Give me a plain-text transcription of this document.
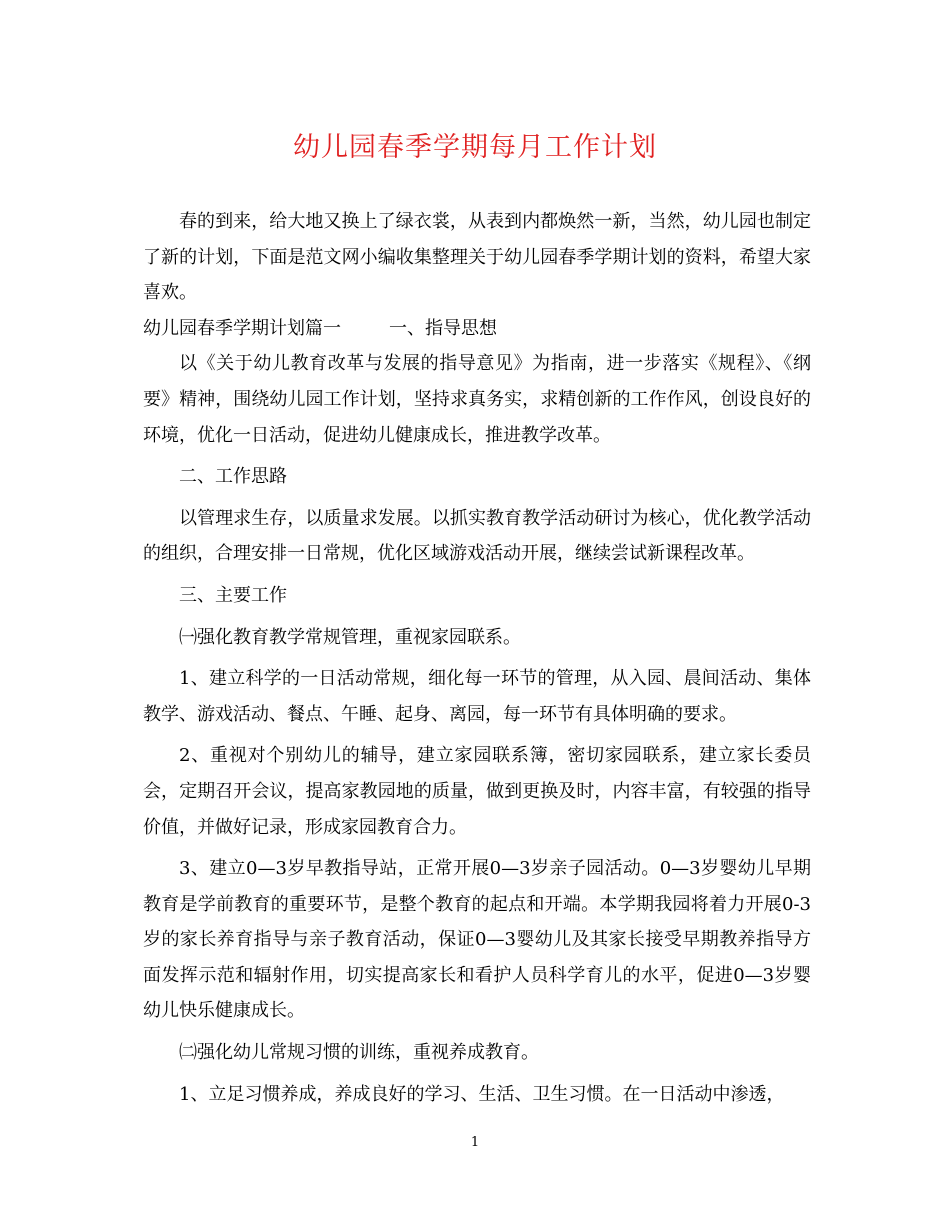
幼儿园春季学期每月工作计划

春的到来，给大地又换上了绿衣裳，从表到内都焕然一新，当然，幼儿园也制定了新的计划，下面是范文网小编收集整理关于幼儿园春季学期计划的资料，希望大家喜欢。

幼儿园春季学期计划篇一	一、指导思想

以《关于幼儿教育改革与发展的指导意见》为指南，进一步落实《规程》、《纲要》精神，围绕幼儿园工作计划，坚持求真务实，求精创新的工作作风，创设良好的环境，优化一日活动，促进幼儿健康成长，推进教学改革。

二、工作思路

以管理求生存，以质量求发展。以抓实教育教学活动研讨为核心，优化教学活动的组织，合理安排一日常规，优化区域游戏活动开展，继续尝试新课程改革。

三、主要工作

㈠强化教育教学常规管理，重视家园联系。

1、建立科学的一日活动常规，细化每一环节的管理，从入园、晨间活动、集体教学、游戏活动、餐点、午睡、起身、离园，每一环节有具体明确的要求。

2、重视对个别幼儿的辅导，建立家园联系簿，密切家园联系，建立家长委员会，定期召开会议，提高家教园地的质量，做到更换及时，内容丰富，有较强的指导价值，并做好记录，形成家园教育合力。

3、建立0—3岁早教指导站，正常开展0—3岁亲子园活动。0—3岁婴幼儿早期教育是学前教育的重要环节，是整个教育的起点和开端。本学期我园将着力开展0-3岁的家长养育指导与亲子教育活动，保证0—3婴幼儿及其家长接受早期教养指导方面发挥示范和辐射作用，切实提高家长和看护人员科学育儿的水平，促进0—3岁婴幼儿快乐健康成长。

㈡强化幼儿常规习惯的训练，重视养成教育。

1、立足习惯养成，养成良好的学习、生活、卫生习惯。在一日活动中渗透，

1
